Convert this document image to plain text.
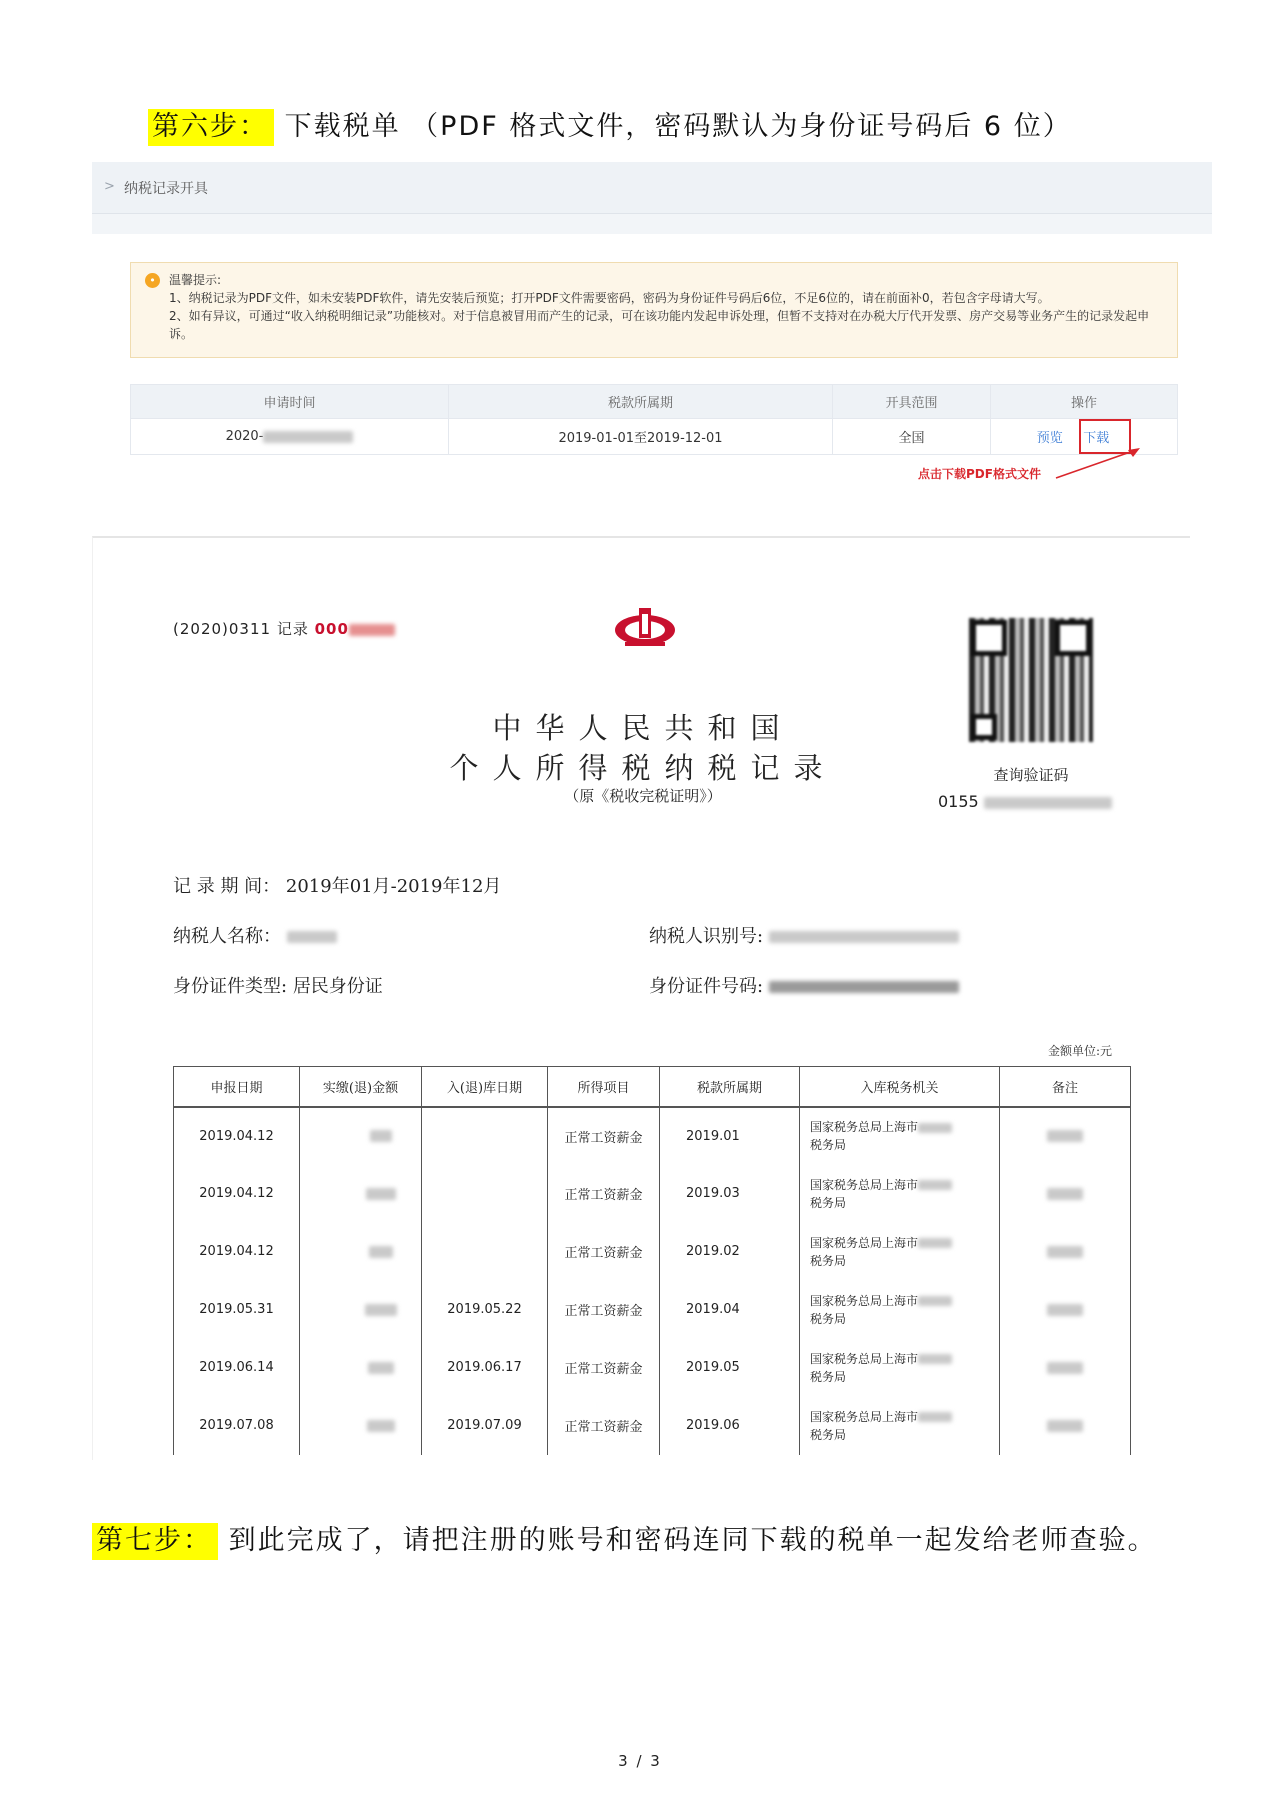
第六步： 下载税单 （PDF 格式文件，密码默认为身份证号码后 6 位）
> 纳税记录开具
•	温馨提示:
1、纳税记录为PDF文件，如未安装PDF软件，请先安装后预览；打开PDF文件需要密码，密码为身份证件号码后6位，不足6位的，请在前面补0，若包含字母请大写。
2、如有异议，可通过“收入纳税明细记录”功能核对。对于信息被冒用而产生的记录，可在该功能内发起申诉处理，但暂不支持对在办税大厅代开发票、房产交易等业务产生的记录发起申诉。
申请时间	税款所属期	开具范围	操作
2020-	2019-01-01至2019-12-01	全国	预览 下载
点击下载PDF格式文件
(2020)0311 记录 000
中华人民共和国
个人所得税纳税记录
（原《税收完税证明》）
查询验证码
0155
记 录 期 间： 2019年01月-2019年12月
纳税人名称：	纳税人识别号:
身份证件类型: 居民身份证	身份证件号码:
金额单位:元
申报日期	实缴(退)金额	入(退)库日期	所得项目	税款所属期	入库税务机关	备注
2019.04.12			正常工资薪金	2019.01	国家税务总局上海市
税务局	
2019.04.12			正常工资薪金	2019.03	国家税务总局上海市
税务局	
2019.04.12			正常工资薪金	2019.02	国家税务总局上海市
税务局	
2019.05.31		2019.05.22	正常工资薪金	2019.04	国家税务总局上海市
税务局	
2019.06.14		2019.06.17	正常工资薪金	2019.05	国家税务总局上海市
税务局	
2019.07.08		2019.07.09	正常工资薪金	2019.06	国家税务总局上海市
税务局	
第七步： 到此完成了，请把注册的账号和密码连同下载的税单一起发给老师查验。
3 / 3
